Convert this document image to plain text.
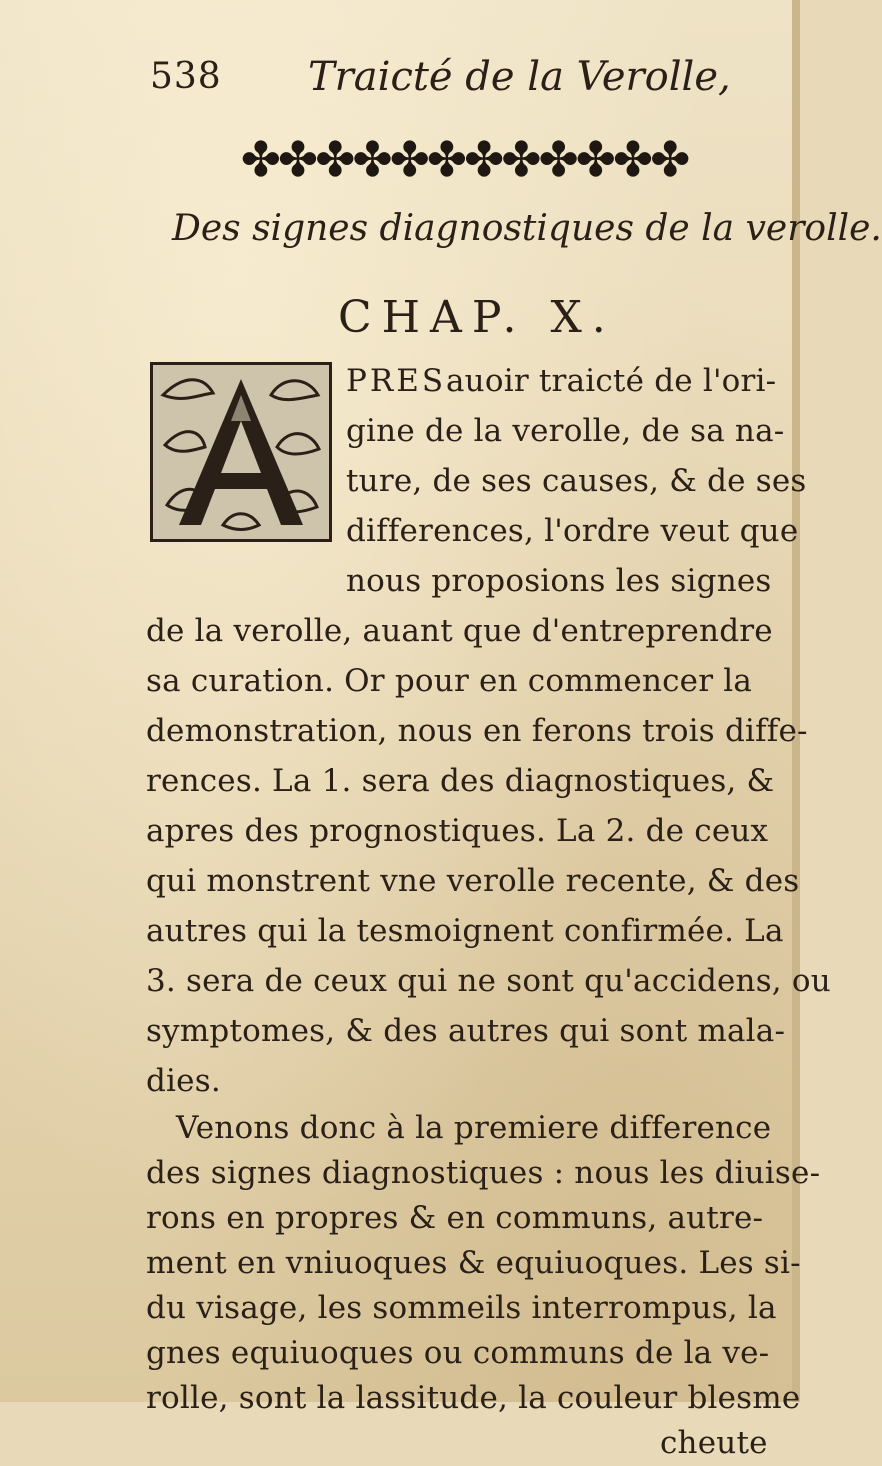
538 Traicté de la Verolle,
✤✤✤✤✤✤✤✤✤✤✤✤
Des signes diagnostiques de la verolle.
CHAP. X.
PRES auoir traicté de l'ori-
gine de la verolle, de sa na-
ture, de ses causes, & de ses
differences, l'ordre veut que
nous proposions les signes
de la verolle, auant que d'entreprendre
sa curation. Or pour en commencer la
demonstration, nous en ferons trois diffe-
rences. La 1. sera des diagnostiques, &
apres des prognostiques. La 2. de ceux
qui monstrent vne verolle recente, & des
autres qui la tesmoignent confirmée. La
3. sera de ceux qui ne sont qu'accidens, ou
symptomes, & des autres qui sont mala-
dies.
Venons donc à la premiere difference
des signes diagnostiques : nous les diuise-
rons en propres & en communs, autre-
ment en vniuoques & equiuoques. Les si-
gnes equiuoques ou communs de la ve-
rolle, sont la lassitude, la couleur blesme
du visage, les sommeils interrompus, la
cheute
